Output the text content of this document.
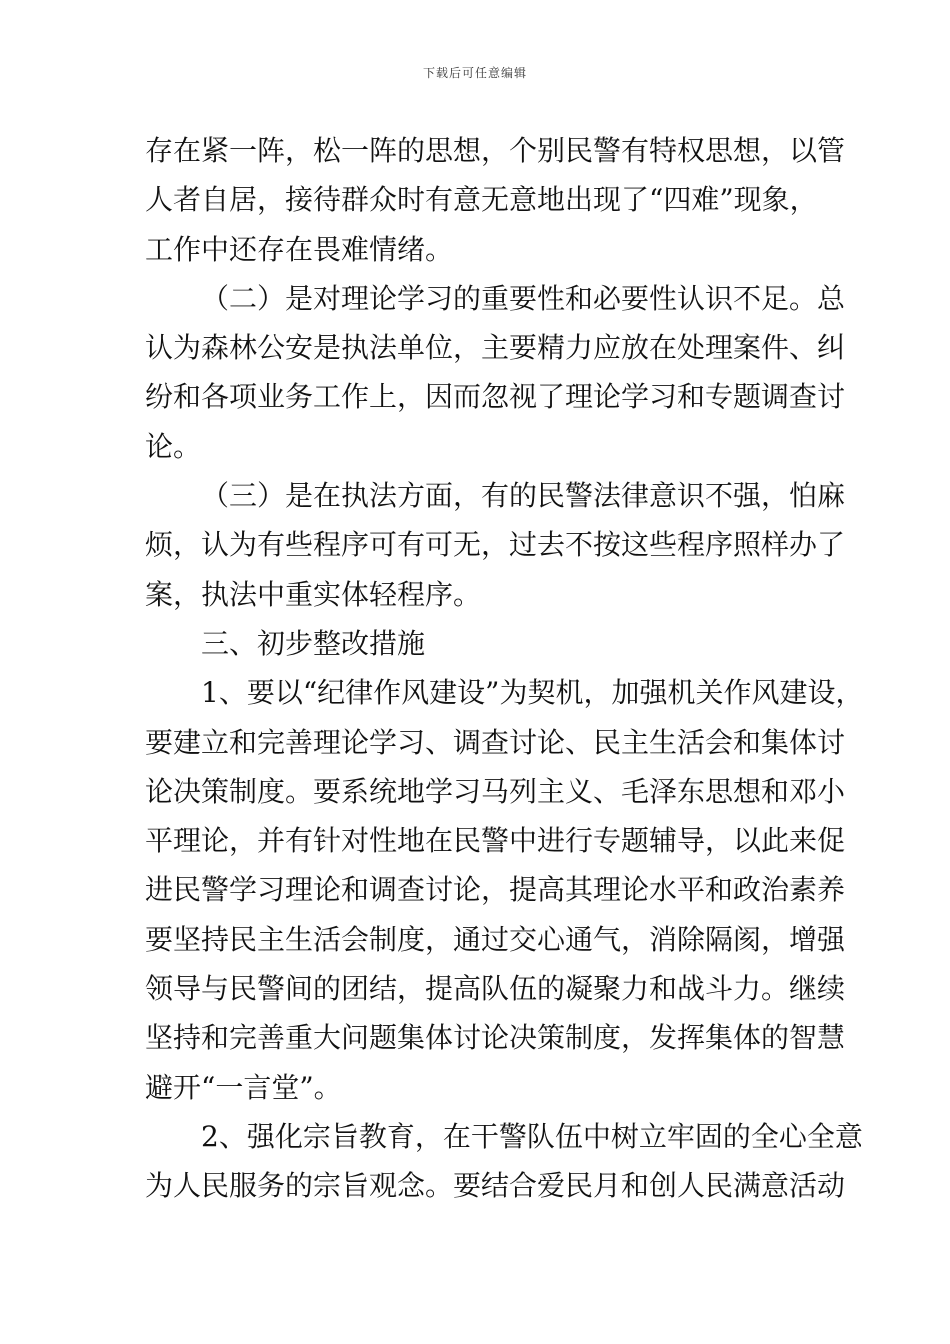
下载后可任意编辑
存在紧一阵，松一阵的思想，个别民警有特权思想，以管
人者自居，接待群众时有意无意地出现了“四难”现象，
工作中还存在畏难情绪。
（二）是对理论学习的重要性和必要性认识不足。总
认为森林公安是执法单位，主要精力应放在处理案件、纠
纷和各项业务工作上，因而忽视了理论学习和专题调查讨
论。
（三）是在执法方面，有的民警法律意识不强，怕麻
烦，认为有些程序可有可无，过去不按这些程序照样办了
案，执法中重实体轻程序。
三、初步整改措施
1、要以“纪律作风建设”为契机，加强机关作风建设，
要建立和完善理论学习、调查讨论、民主生活会和集体讨
论决策制度。要系统地学习马列主义、毛泽东思想和邓小
平理论，并有针对性地在民警中进行专题辅导，以此来促
进民警学习理论和调查讨论，提高其理论水平和政治素养
要坚持民主生活会制度，通过交心通气，消除隔阂，增强
领导与民警间的团结，提高队伍的凝聚力和战斗力。继续
坚持和完善重大问题集体讨论决策制度，发挥集体的智慧
避开“一言堂”。
2、强化宗旨教育，在干警队伍中树立牢固的全心全意
为人民服务的宗旨观念。要结合爱民月和创人民满意活动
